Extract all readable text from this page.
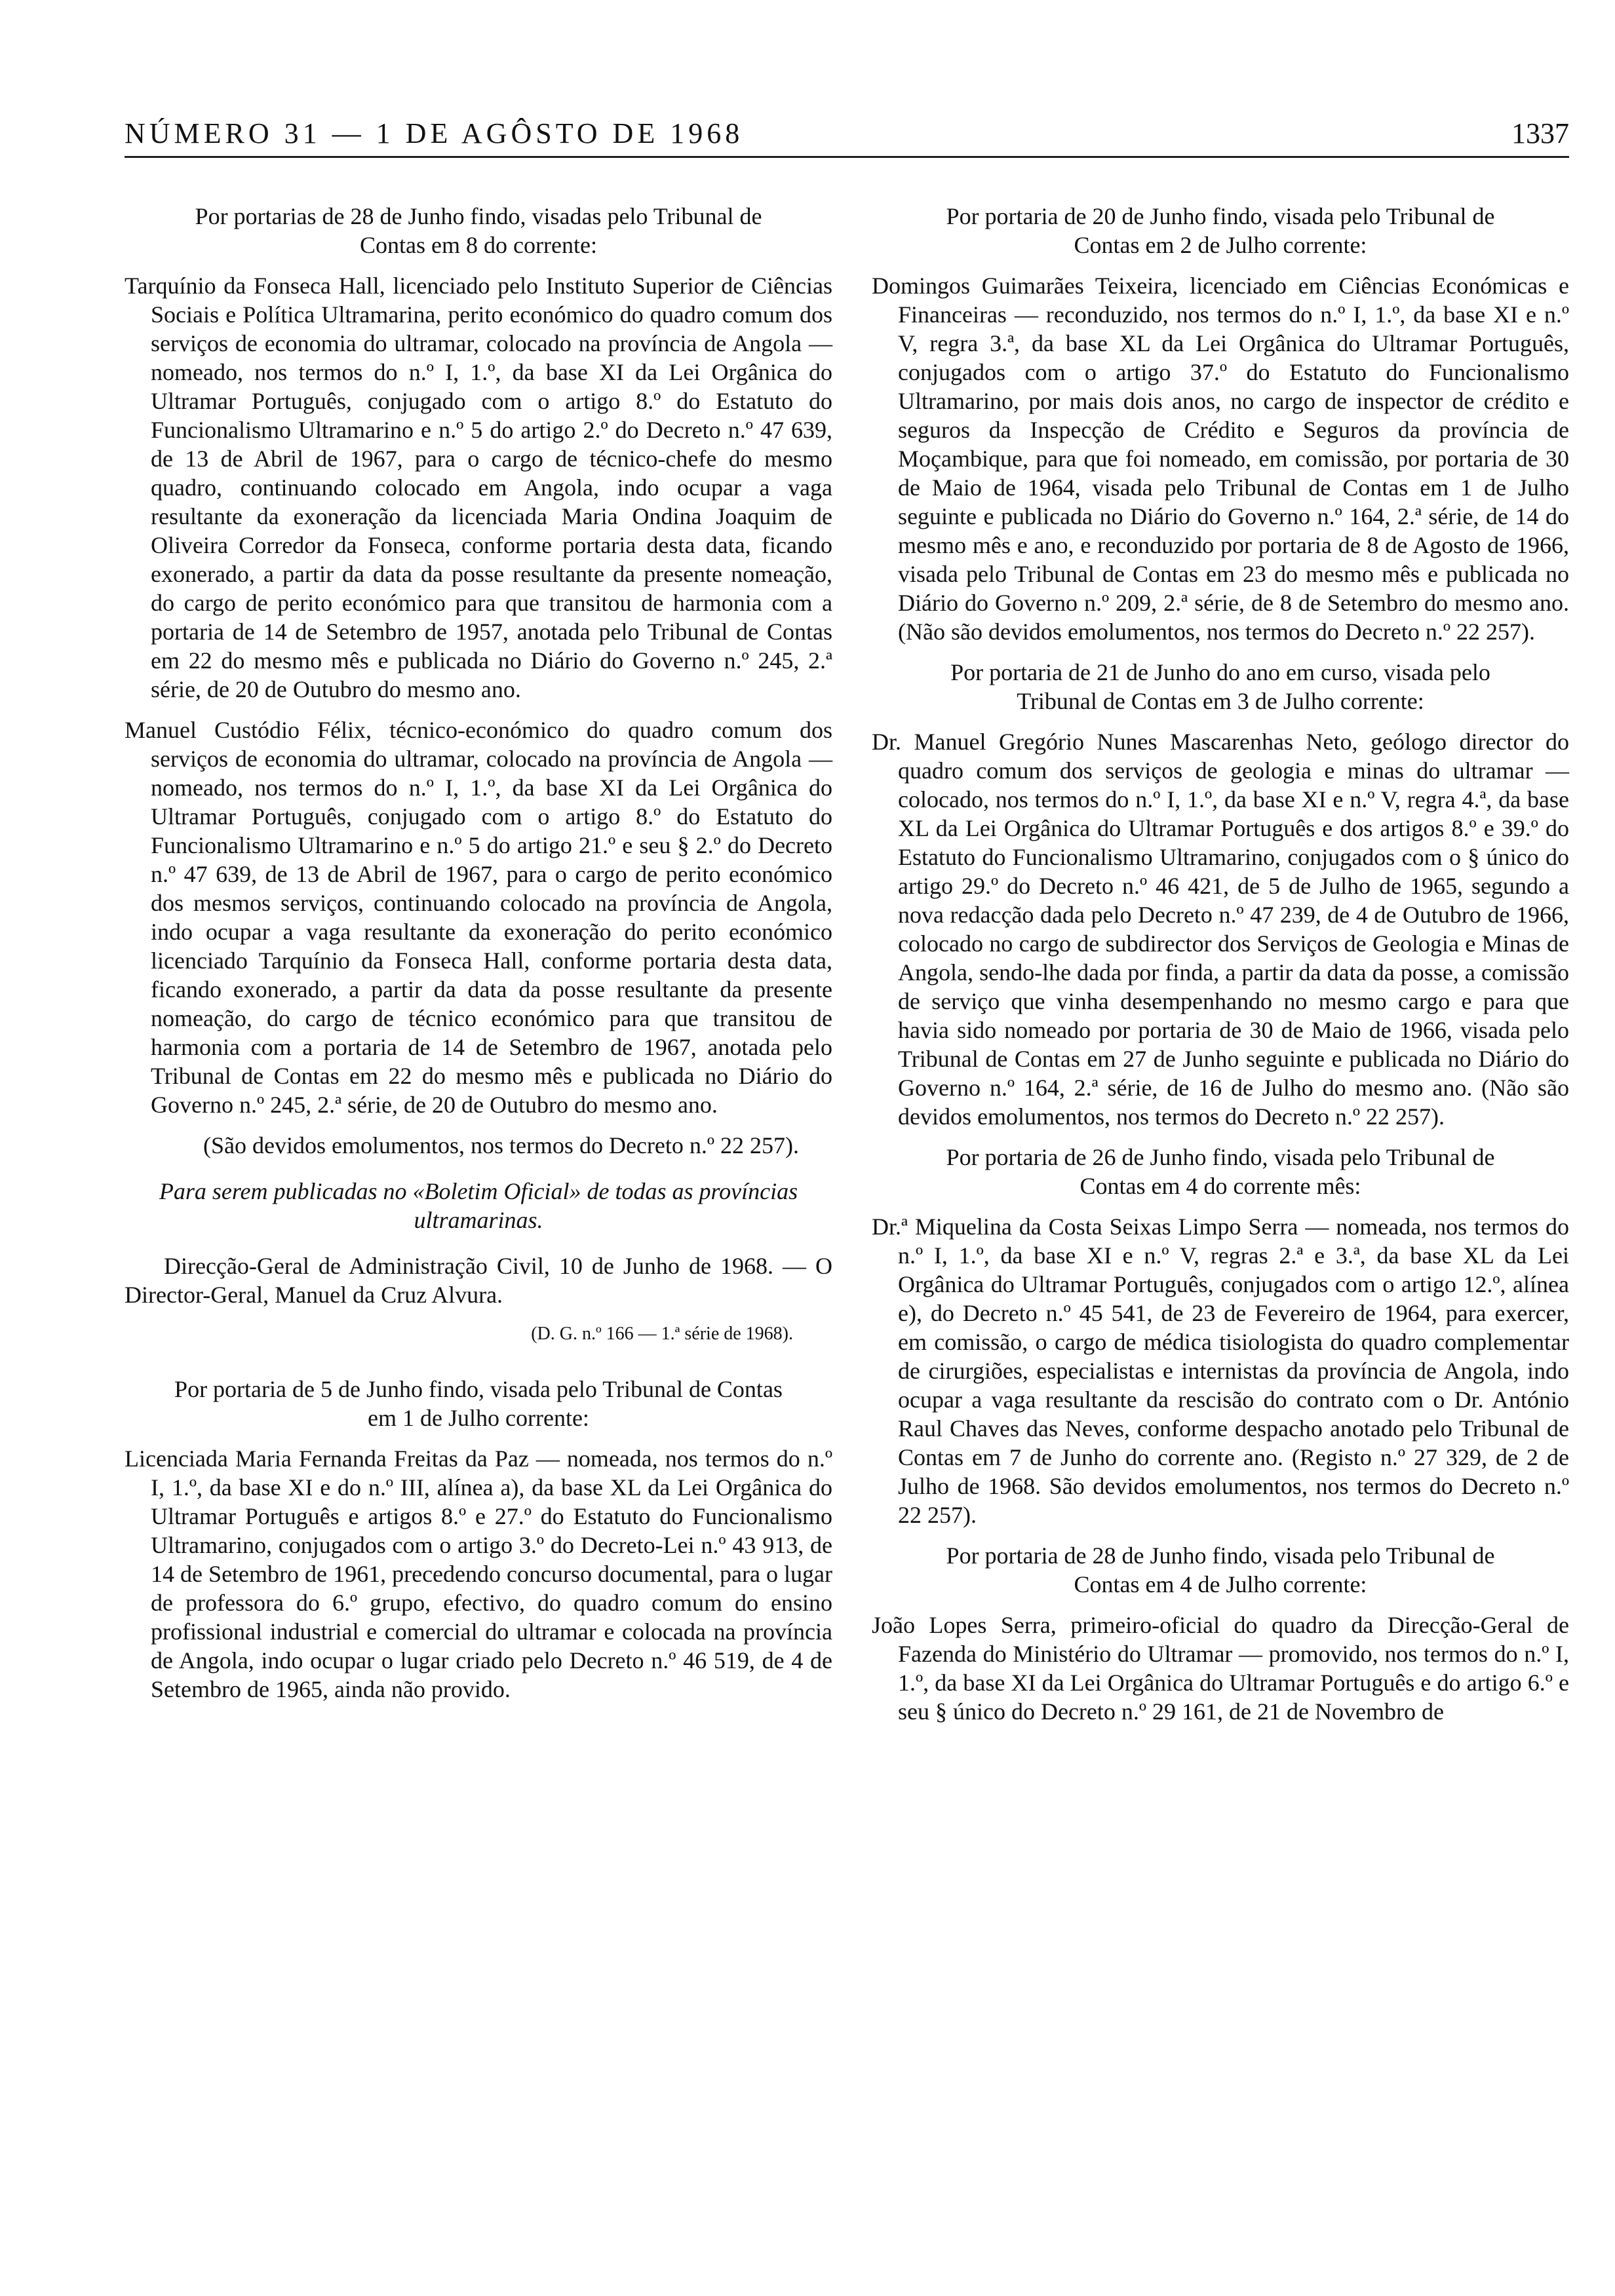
NÚMERO 31 — 1 DE AGÔSTO DE 1968	1337

Por portarias de 28 de Junho findo, visadas pelo Tribunal de Contas em 8 do corrente:

Tarquínio da Fonseca Hall, licenciado pelo Instituto Superior de Ciências Sociais e Política Ultramarina, perito económico do quadro comum dos serviços de economia do ultramar, colocado na província de Angola — nomeado, nos termos do n.º I, 1.º, da base XI da Lei Orgânica do Ultramar Português, conjugado com o artigo 8.º do Estatuto do Funcionalismo Ultramarino e n.º 5 do artigo 2.º do Decreto n.º 47 639, de 13 de Abril de 1967, para o cargo de técnico-chefe do mesmo quadro, continuando colocado em Angola, indo ocupar a vaga resultante da exoneração da licenciada Maria Ondina Joaquim de Oliveira Corredor da Fonseca, conforme portaria desta data, ficando exonerado, a partir da data da posse resultante da presente nomeação, do cargo de perito económico para que transitou de harmonia com a portaria de 14 de Setembro de 1957, anotada pelo Tribunal de Contas em 22 do mesmo mês e publicada no Diário do Governo n.º 245, 2.ª série, de 20 de Outubro do mesmo ano.

Manuel Custódio Félix, técnico-económico do quadro comum dos serviços de economia do ultramar, colocado na província de Angola — nomeado, nos termos do n.º I, 1.º, da base XI da Lei Orgânica do Ultramar Português, conjugado com o artigo 8.º do Estatuto do Funcionalismo Ultramarino e n.º 5 do artigo 21.º e seu § 2.º do Decreto n.º 47 639, de 13 de Abril de 1967, para o cargo de perito económico dos mesmos serviços, continuando colocado na província de Angola, indo ocupar a vaga resultante da exoneração do perito económico licenciado Tarquínio da Fonseca Hall, conforme portaria desta data, ficando exonerado, a partir da data da posse resultante da presente nomeação, do cargo de técnico económico para que transitou de harmonia com a portaria de 14 de Setembro de 1967, anotada pelo Tribunal de Contas em 22 do mesmo mês e publicada no Diário do Governo n.º 245, 2.ª série, de 20 de Outubro do mesmo ano.

(São devidos emolumentos, nos termos do Decreto n.º 22 257).

Para serem publicadas no «Boletim Oficial» de todas as províncias ultramarinas.

Direcção-Geral de Administração Civil, 10 de Junho de 1968. — O Director-Geral, Manuel da Cruz Alvura.

(D. G. n.º 166 — 1.ª série de 1968).

Por portaria de 5 de Junho findo, visada pelo Tribunal de Contas em 1 de Julho corrente:

Licenciada Maria Fernanda Freitas da Paz — nomeada, nos termos do n.º I, 1.º, da base XI e do n.º III, alínea a), da base XL da Lei Orgânica do Ultramar Português e artigos 8.º e 27.º do Estatuto do Funcionalismo Ultramarino, conjugados com o artigo 3.º do Decreto-Lei n.º 43 913, de 14 de Setembro de 1961, precedendo concurso documental, para o lugar de professora do 6.º grupo, efectivo, do quadro comum do ensino profissional industrial e comercial do ultramar e colocada na província de Angola, indo ocupar o lugar criado pelo Decreto n.º 46 519, de 4 de Setembro de 1965, ainda não provido.

Por portaria de 20 de Junho findo, visada pelo Tribunal de Contas em 2 de Julho corrente:

Domingos Guimarães Teixeira, licenciado em Ciências Económicas e Financeiras — reconduzido, nos termos do n.º I, 1.º, da base XI e n.º V, regra 3.ª, da base XL da Lei Orgânica do Ultramar Português, conjugados com o artigo 37.º do Estatuto do Funcionalismo Ultramarino, por mais dois anos, no cargo de inspector de crédito e seguros da Inspecção de Crédito e Seguros da província de Moçambique, para que foi nomeado, em comissão, por portaria de 30 de Maio de 1964, visada pelo Tribunal de Contas em 1 de Julho seguinte e publicada no Diário do Governo n.º 164, 2.ª série, de 14 do mesmo mês e ano, e reconduzido por portaria de 8 de Agosto de 1966, visada pelo Tribunal de Contas em 23 do mesmo mês e publicada no Diário do Governo n.º 209, 2.ª série, de 8 de Setembro do mesmo ano. (Não são devidos emolumentos, nos termos do Decreto n.º 22 257).

Por portaria de 21 de Junho do ano em curso, visada pelo Tribunal de Contas em 3 de Julho corrente:

Dr. Manuel Gregório Nunes Mascarenhas Neto, geólogo director do quadro comum dos serviços de geologia e minas do ultramar — colocado, nos termos do n.º I, 1.º, da base XI e n.º V, regra 4.ª, da base XL da Lei Orgânica do Ultramar Português e dos artigos 8.º e 39.º do Estatuto do Funcionalismo Ultramarino, conjugados com o § único do artigo 29.º do Decreto n.º 46 421, de 5 de Julho de 1965, segundo a nova redacção dada pelo Decreto n.º 47 239, de 4 de Outubro de 1966, colocado no cargo de subdirector dos Serviços de Geologia e Minas de Angola, sendo-lhe dada por finda, a partir da data da posse, a comissão de serviço que vinha desempenhando no mesmo cargo e para que havia sido nomeado por portaria de 30 de Maio de 1966, visada pelo Tribunal de Contas em 27 de Junho seguinte e publicada no Diário do Governo n.º 164, 2.ª série, de 16 de Julho do mesmo ano. (Não são devidos emolumentos, nos termos do Decreto n.º 22 257).

Por portaria de 26 de Junho findo, visada pelo Tribunal de Contas em 4 do corrente mês:

Dr.ª Miquelina da Costa Seixas Limpo Serra — nomeada, nos termos do n.º I, 1.º, da base XI e n.º V, regras 2.ª e 3.ª, da base XL da Lei Orgânica do Ultramar Português, conjugados com o artigo 12.º, alínea e), do Decreto n.º 45 541, de 23 de Fevereiro de 1964, para exercer, em comissão, o cargo de médica tisiologista do quadro complementar de cirurgiões, especialistas e internistas da província de Angola, indo ocupar a vaga resultante da rescisão do contrato com o Dr. António Raul Chaves das Neves, conforme despacho anotado pelo Tribunal de Contas em 7 de Junho do corrente ano. (Registo n.º 27 329, de 2 de Julho de 1968. São devidos emolumentos, nos termos do Decreto n.º 22 257).

Por portaria de 28 de Junho findo, visada pelo Tribunal de Contas em 4 de Julho corrente:

João Lopes Serra, primeiro-oficial do quadro da Direcção-Geral de Fazenda do Ministério do Ultramar — promovido, nos termos do n.º I, 1.º, da base XI da Lei Orgânica do Ultramar Português e do artigo 6.º e seu § único do Decreto n.º 29 161, de 21 de Novembro de
